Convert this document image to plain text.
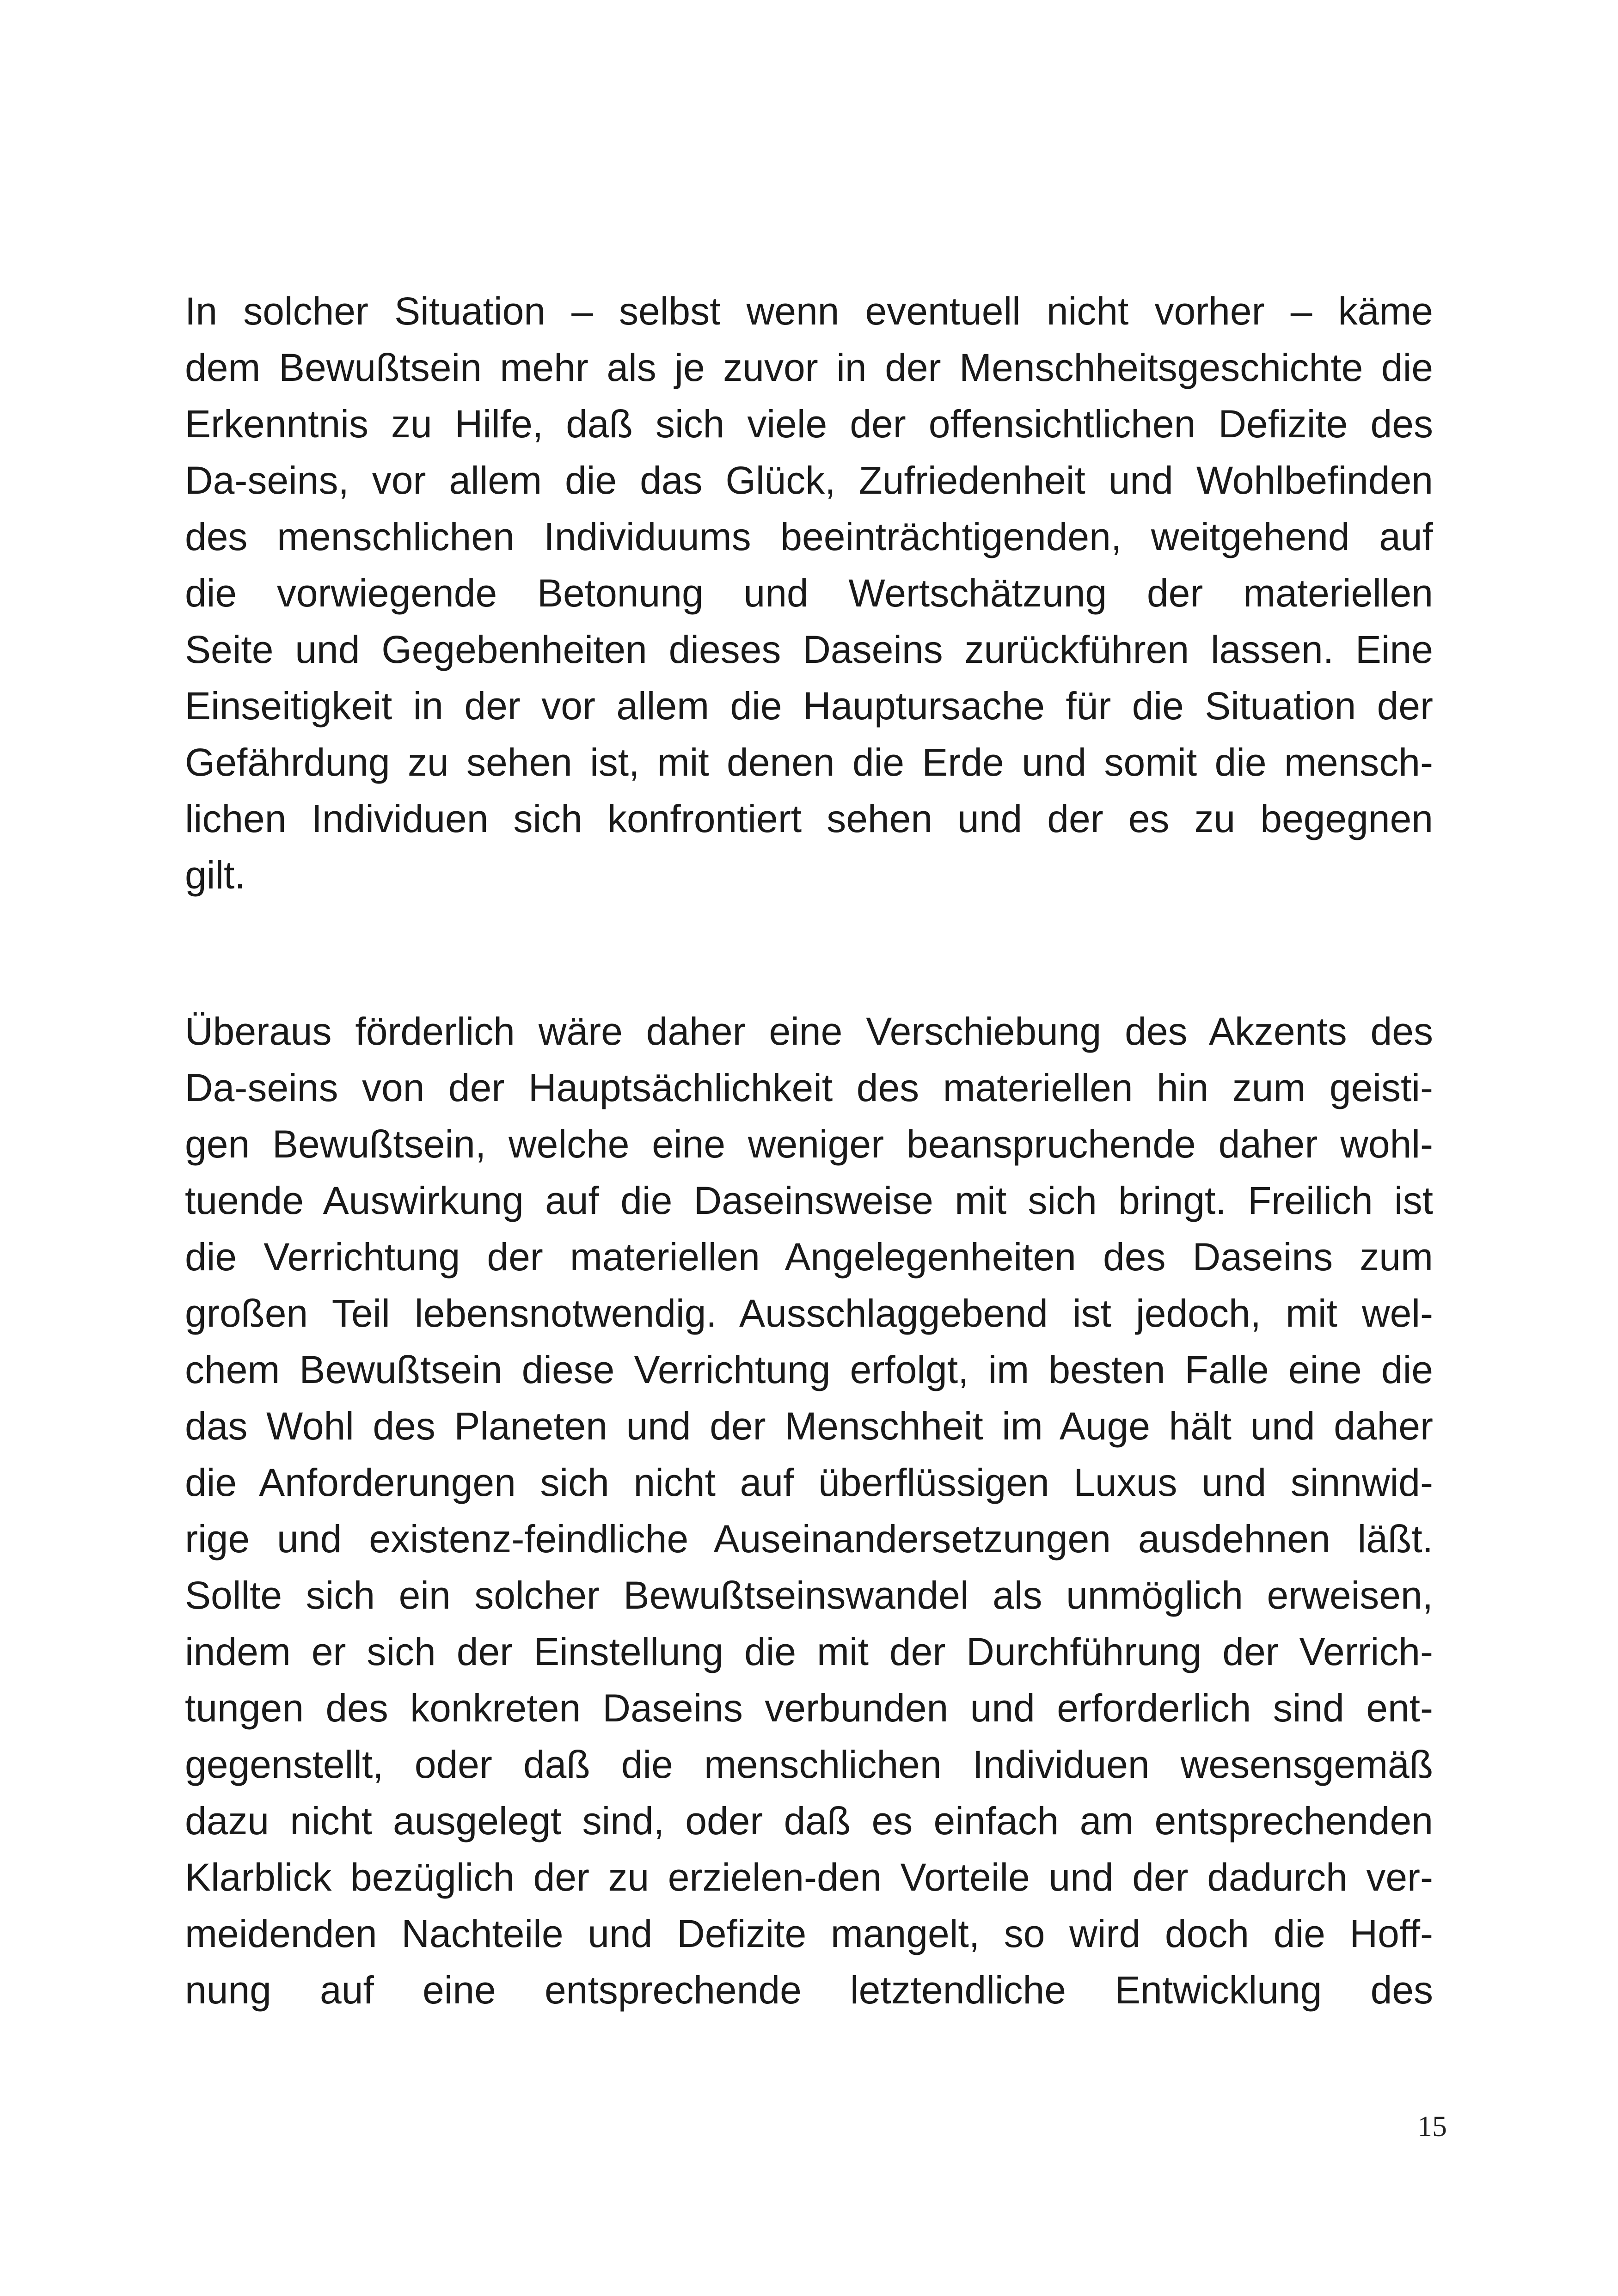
In solcher Situation – selbst wenn eventuell nicht vorher – käme
dem Bewußtsein mehr als je zuvor in der Menschheitsgeschichte die
Erkenntnis zu Hilfe, daß sich viele der offensichtlichen Defizite des
Da-seins, vor allem die das Glück, Zufriedenheit und Wohlbefinden
des menschlichen Individuums beeinträchtigenden, weitgehend auf
die vorwiegende Betonung und Wertschätzung der materiellen
Seite und Gegebenheiten dieses Daseins zurückführen lassen. Eine
Einseitigkeit in der vor allem die Hauptursache für die Situation der
Gefährdung zu sehen ist, mit denen die Erde und somit die mensch-
lichen Individuen sich konfrontiert sehen und der es zu begegnen
gilt.
Überaus förderlich wäre daher eine Verschiebung des Akzents des
Da-seins von der Hauptsächlichkeit des materiellen hin zum geisti-
gen Bewußtsein, welche eine weniger beanspruchende daher wohl-
tuende Auswirkung auf die Daseinsweise mit sich bringt. Freilich ist
die Verrichtung der materiellen Angelegenheiten des Daseins zum
großen Teil lebensnotwendig. Ausschlaggebend ist jedoch, mit wel-
chem Bewußtsein diese Verrichtung erfolgt, im besten Falle eine die
das Wohl des Planeten und der Menschheit im Auge hält und daher
die Anforderungen sich nicht auf überflüssigen Luxus und sinnwid-
rige und existenz-feindliche Auseinandersetzungen ausdehnen läßt.
Sollte sich ein solcher Bewußtseinswandel als unmöglich erweisen,
indem er sich der Einstellung die mit der Durchführung der Verrich-
tungen des konkreten Daseins verbunden und erforderlich sind ent-
gegenstellt, oder daß die menschlichen Individuen wesensgemäß
dazu nicht ausgelegt sind, oder daß es einfach am entsprechenden
Klarblick bezüglich der zu erzielen-den Vorteile und der dadurch ver-
meidenden Nachteile und Defizite mangelt, so wird doch die Hoff-
nung auf eine entsprechende letztendliche Entwicklung des
15
